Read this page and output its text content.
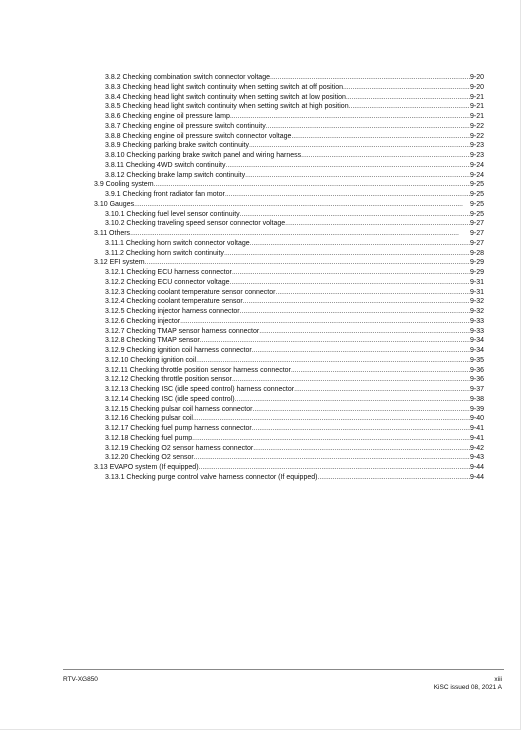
3.8.2 Checking combination switch connector voltage . . .	9-20
3.8.3 Checking head light switch continuity when setting switch at off position . . .	9-20
3.8.4 Checking head light switch continuity when setting switch at low position . . .	9-21
3.8.5 Checking head light switch continuity when setting switch at high position . . .	9-21
3.8.6 Checking engine oil pressure lamp . . .	9-21
3.8.7 Checking engine oil pressure switch continuity . . .	9-22
3.8.8 Checking engine oil pressure switch connector voltage . . .	9-22
3.8.9 Checking parking brake switch continuity . . .	9-23
3.8.10 Checking parking brake switch panel and wiring harness . . .	9-23
3.8.11 Checking 4WD switch continuity . . .	9-24
3.8.12 Checking brake lamp switch continuity . . .	9-24
3.9 Cooling system . . .	9-25
3.9.1 Checking front radiator fan motor . . .	9-25
3.10 Gauges . . .	9-25
3.10.1 Checking fuel level sensor continuity . . .	9-25
3.10.2 Checking traveling speed sensor connector voltage . . .	9-27
3.11 Others . . .	9-27
3.11.1 Checking horn switch connector voltage . . .	9-27
3.11.2 Checking horn switch continuity . . .	9-28
3.12 EFI system . . .	9-29
3.12.1 Checking ECU harness connector . . .	9-29
3.12.2 Checking ECU connector voltage . . .	9-31
3.12.3 Checking coolant temperature sensor connector . . .	9-31
3.12.4 Checking coolant temperature sensor . . .	9-32
3.12.5 Checking injector harness connector . . .	9-32
3.12.6 Checking injector . . .	9-33
3.12.7 Checking TMAP sensor harness connector . . .	9-33
3.12.8 Checking TMAP sensor . . .	9-34
3.12.9 Checking ignition coil harness connector . . .	9-34
3.12.10 Checking ignition coil . . .	9-35
3.12.11 Checking throttle position sensor harness connector . . .	9-36
3.12.12 Checking throttle position sensor . . .	9-36
3.12.13 Checking ISC (idle speed control) harness connector . . .	9-37
3.12.14 Checking ISC (idle speed control) . . .	9-38
3.12.15 Checking pulsar coil harness connector . . .	9-39
3.12.16 Checking pulsar coil . . .	9-40
3.12.17 Checking fuel pump harness connector . . .	9-41
3.12.18 Checking fuel pump . . .	9-41
3.12.19 Checking O2 sensor harness connector . . .	9-42
3.12.20 Checking O2 sensor . . .	9-43
3.13 EVAPO system (If equipped) . . .	9-44
3.13.1 Checking purge control valve harness connector (If equipped) . . .	9-44
RTV-XG850	xiii
KiSC issued 08, 2021 A
